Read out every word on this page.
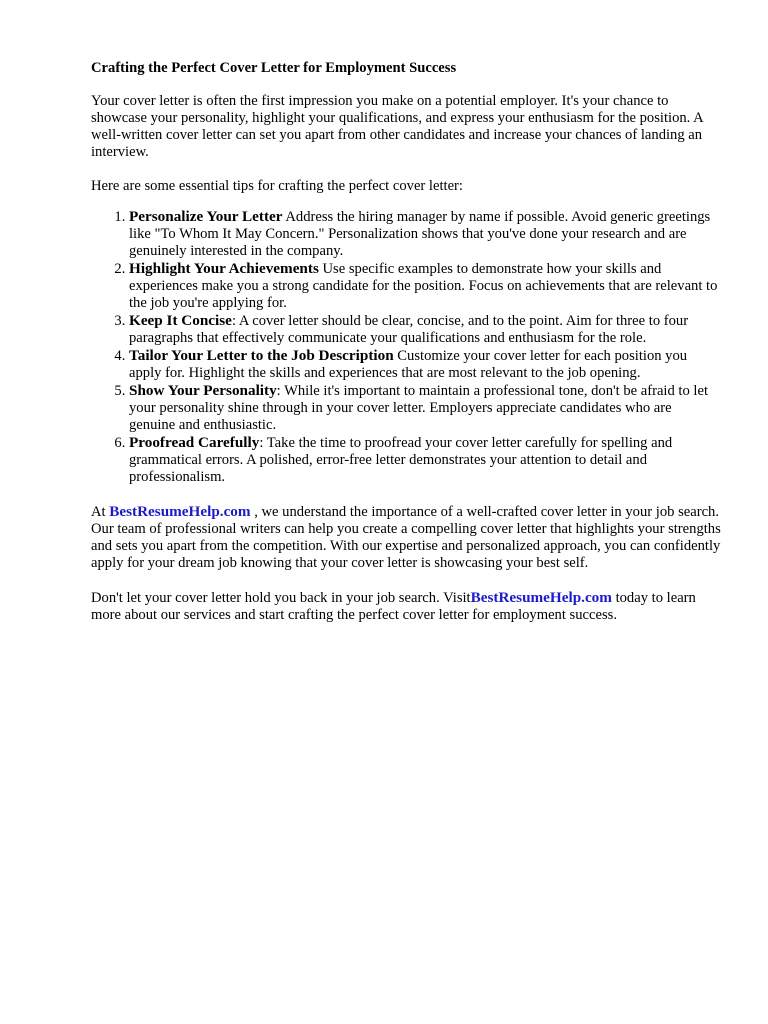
Crafting the Perfect Cover Letter for Employment Success

Your cover letter is often the first impression you make on a potential employer. It's your chance to showcase your personality, highlight your qualifications, and express your enthusiasm for the position. A well-written cover letter can set you apart from other candidates and increase your chances of landing an interview.

Here are some essential tips for crafting the perfect cover letter:

1. Personalize Your Letter Address the hiring manager by name if possible. Avoid generic greetings like "To Whom It May Concern." Personalization shows that you've done your research and are genuinely interested in the company.
2. Highlight Your Achievements Use specific examples to demonstrate how your skills and experiences make you a strong candidate for the position. Focus on achievements that are relevant to the job you're applying for.
3. Keep It Concise: A cover letter should be clear, concise, and to the point. Aim for three to four paragraphs that effectively communicate your qualifications and enthusiasm for the role.
4. Tailor Your Letter to the Job Description Customize your cover letter for each position you apply for. Highlight the skills and experiences that are most relevant to the job opening.
5. Show Your Personality: While it's important to maintain a professional tone, don't be afraid to let your personality shine through in your cover letter. Employers appreciate candidates who are genuine and enthusiastic.
6. Proofread Carefully: Take the time to proofread your cover letter carefully for spelling and grammatical errors. A polished, error-free letter demonstrates your attention to detail and professionalism.

At BestResumeHelp.com , we understand the importance of a well-crafted cover letter in your job search. Our team of professional writers can help you create a compelling cover letter that highlights your strengths and sets you apart from the competition. With our expertise and personalized approach, you can confidently apply for your dream job knowing that your cover letter is showcasing your best self.

Don't let your cover letter hold you back in your job search. VisitBestResumeHelp.com today to learn more about our services and start crafting the perfect cover letter for employment success.
